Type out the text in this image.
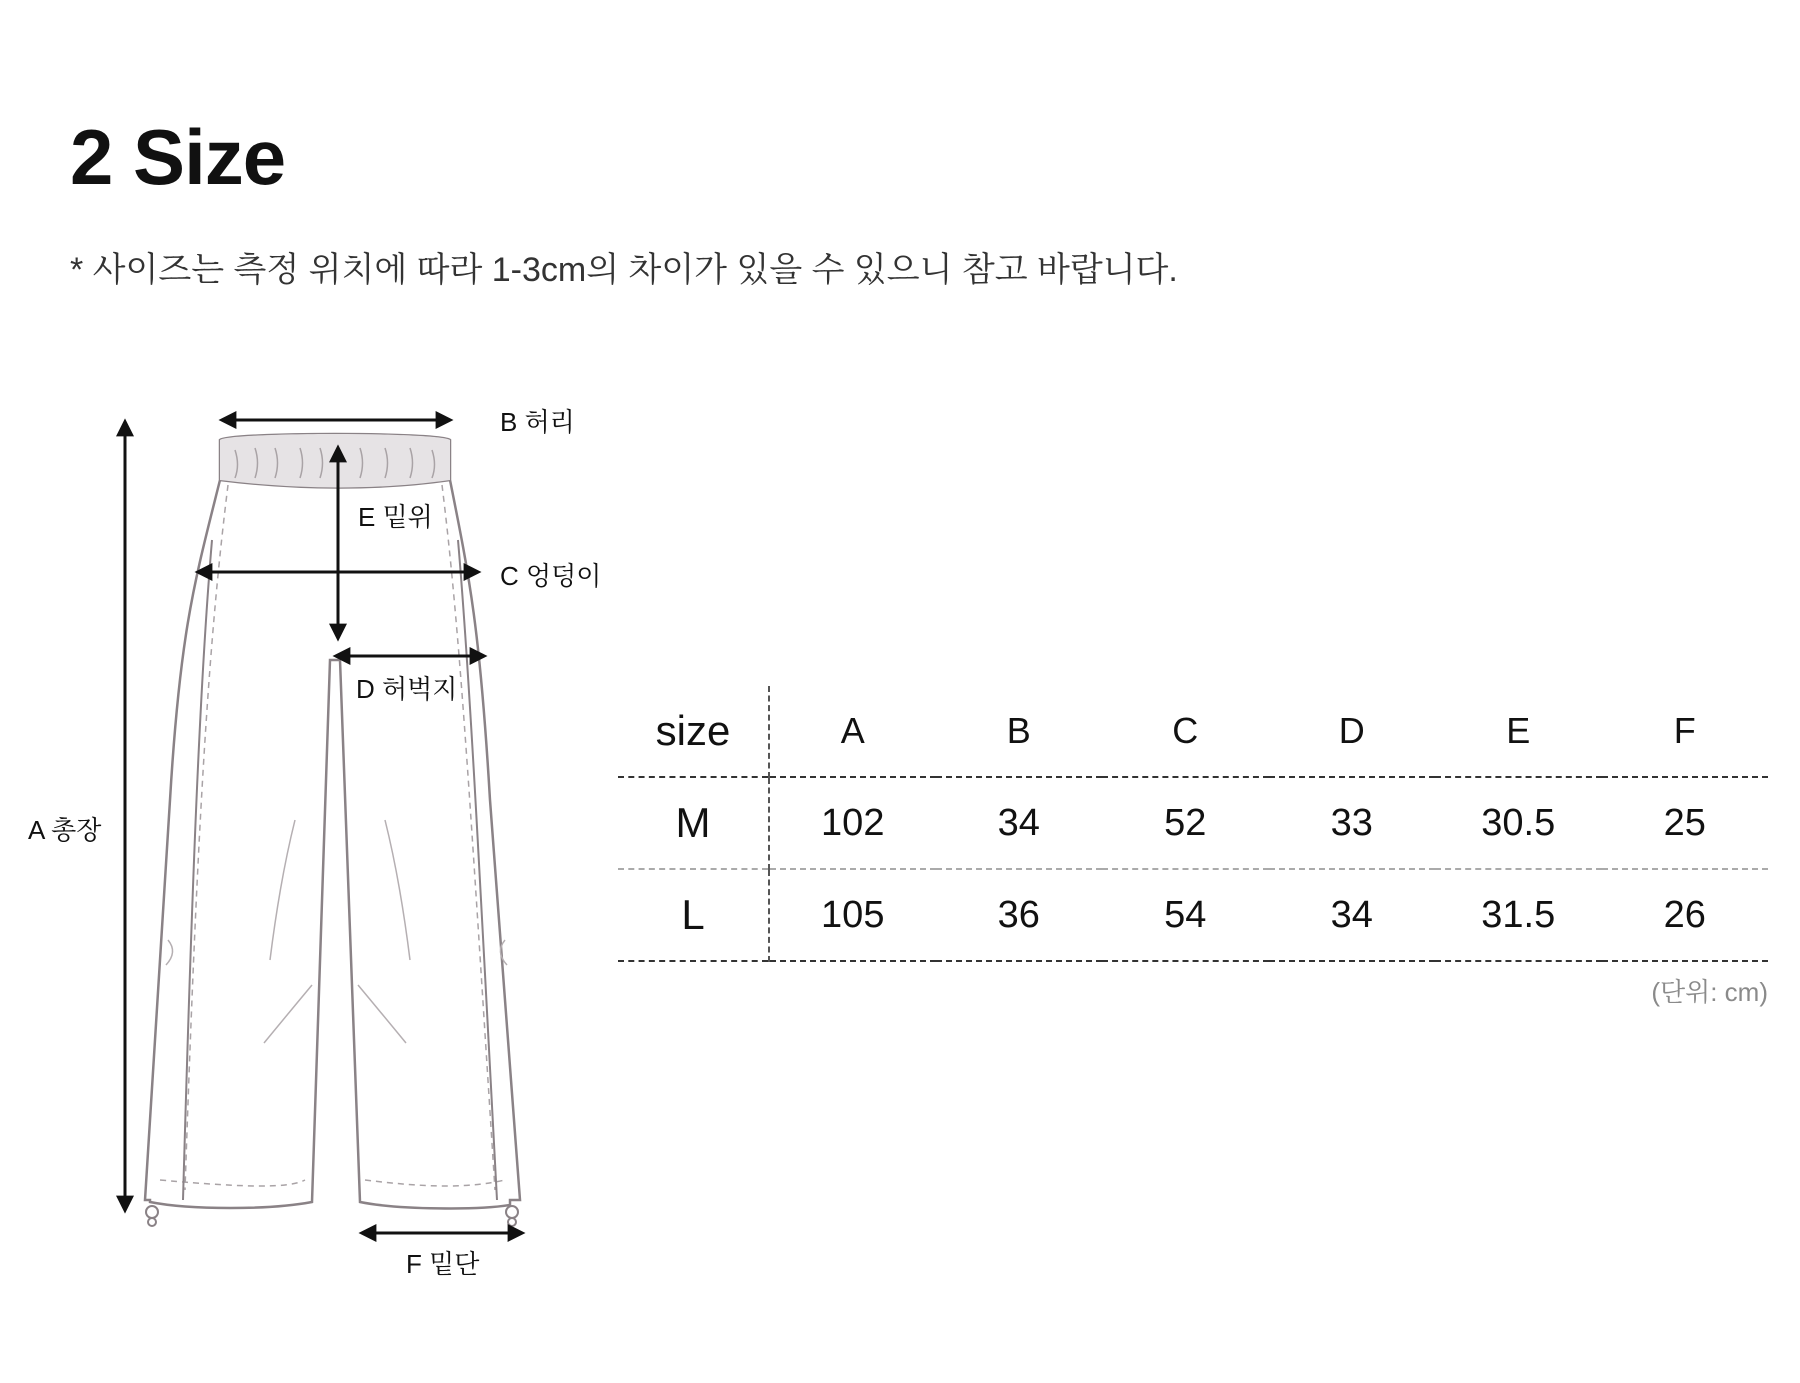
2 Size
* 사이즈는 측정 위치에 따라 1-3cm의 차이가 있을 수 있으니 참고 바랍니다.
A 총장
B 허리
E 밑위
C 엉덩이
D 허벅지
F 밑단
size	A	B	C	D	E	F
M	102	34	52	33	30.5	25
L	105	36	54	34	31.5	26
(단위: cm)
